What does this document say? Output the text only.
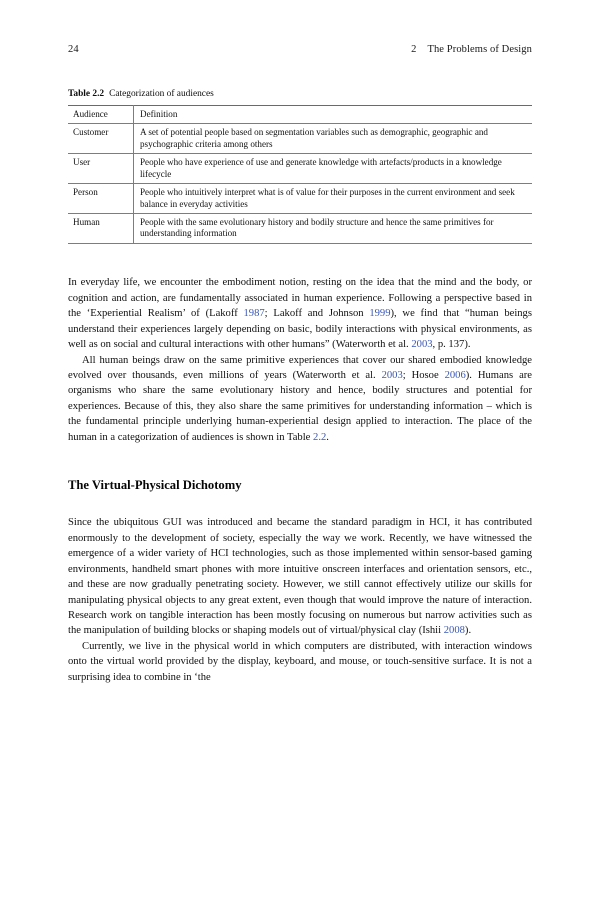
24	2 The Problems of Design
Table 2.2 Categorization of audiences
Audience	Definition
Customer	A set of potential people based on segmentation variables such as demographic, geographic and psychographic criteria among others
User	People who have experience of use and generate knowledge with artefacts/products in a knowledge lifecycle
Person	People who intuitively interpret what is of value for their purposes in the current environment and seek balance in everyday activities
Human	People with the same evolutionary history and bodily structure and hence the same primitives for understanding information

In everyday life, we encounter the embodiment notion, resting on the idea that the mind and the body, or cognition and action, are fundamentally associated in human experience. Following a perspective based in the ‘Experiential Realism’ of (Lakoff 1987; Lakoff and Johnson 1999), we find that “human beings understand their experiences largely depending on basic, bodily interactions with physical environments, as well as on social and cultural interactions with other humans” (Waterworth et al. 2003, p. 137).

All human beings draw on the same primitive experiences that cover our shared embodied knowledge evolved over thousands, even millions of years (Waterworth et al. 2003; Hosoe 2006). Humans are organisms who share the same evolutionary history and hence, bodily structures and potential for experiences. Because of this, they also share the same primitives for understanding information – which is the fundamental principle underlying human-experiential design applied to interaction. The place of the human in a categorization of audiences is shown in Table 2.2.

The Virtual-Physical Dichotomy

Since the ubiquitous GUI was introduced and became the standard paradigm in HCI, it has contributed enormously to the development of society, especially the way we work. Recently, we have witnessed the emergence of a wider variety of HCI technologies, such as those implemented within sensor-based gaming environments, handheld smart phones with more intuitive onscreen interfaces and orientation sensors, etc., and these are now gradually penetrating society. However, we still cannot effectively utilize our skills for manipulating physical objects to any great extent, even though that would improve the nature of interaction. Research work on tangible interaction has been mostly focusing on numerous but narrow activities such as the manipulation of building blocks or shaping models out of virtual/physical clay (Ishii 2008).

Currently, we live in the physical world in which computers are distributed, with interaction windows onto the virtual world provided by the display, keyboard, and mouse, or touch-sensitive surface. It is not a surprising idea to combine in ‘the
